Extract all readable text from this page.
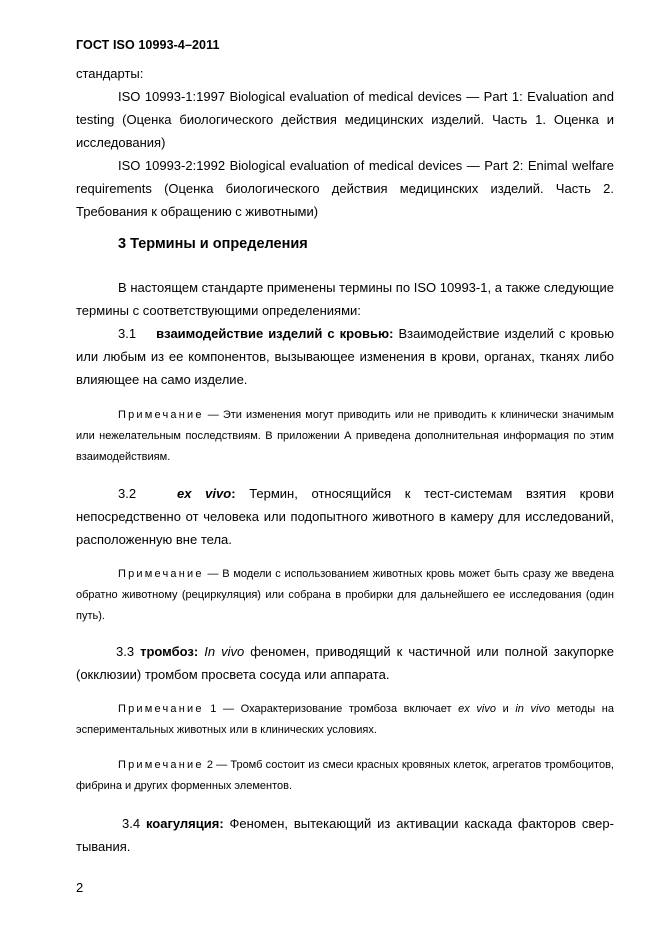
ГОСТ ISO 10993-4–2011
стандарты:
ISO 10993-1:1997 Biological evaluation of medical devices — Part 1: Evaluation and testing (Оценка биологического действия медицинских изделий. Часть 1. Оценка и исследования)
ISO 10993-2:1992 Biological evaluation of medical devices — Part 2: Enimal welfare requirements (Оценка биологического действия медицинских изделий. Часть 2. Требования к обращению с животными)
3 Термины и определения
В настоящем стандарте применены термины по ISO 10993-1, а также следующие термины с соответствующими определениями:
3.1 взаимодействие изделий с кровью: Взаимодействие изделий с кровью или любым из ее компонентов, вызывающее изменения в крови, органах, тканях либо влияющее на само изделие.
Примечание — Эти изменения могут приводить или не приводить к клинически значимым или нежелательным последствиям. В приложении А приведена дополнительная информация по этим взаимодействиям.
3.2	ex vivo: Термин, относящийся к тест-системам взятия крови непосредственно от человека или подопытного животного в камеру для исследований, расположенную вне тела.
Примечание — В модели с использованием животных кровь может быть сразу же введена обратно животному (рециркуляция) или собрана в пробирки для дальнейшего ее исследования (один путь).
3.3 тромбоз: In vivo феномен, приводящий к частичной или полной закупорке (окклюзии) тромбом просвета сосуда или аппарата.
Примечание 1 — Охарактеризование тромбоза включает ex vivo и in vivo методы на эспериментальных животных или в клинических условиях.
Примечание 2 — Тромб состоит из смеси красных кровяных клеток, агрегатов тромбоцитов, фибрина и других форменных элементов.
3.4 коагуляция: Феномен, вытекающий из активации каскада факторов свертывания.
2
